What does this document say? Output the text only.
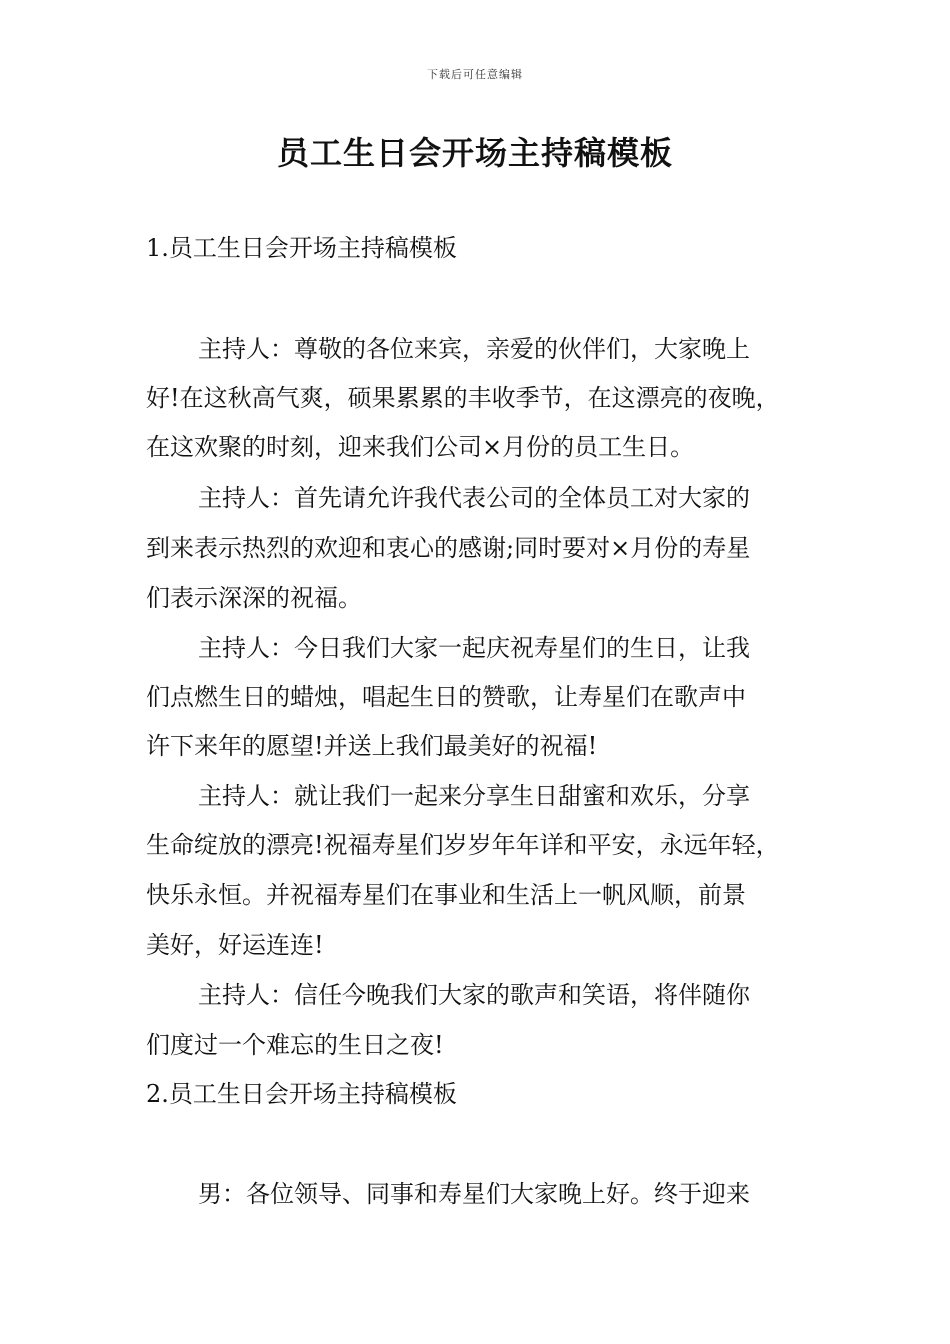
下载后可任意编辑
员工生日会开场主持稿模板
1.员工生日会开场主持稿模板
主持人：尊敬的各位来宾，亲爱的伙伴们，大家晚上
好!在这秋高气爽，硕果累累的丰收季节，在这漂亮的夜晚，
在这欢聚的时刻，迎来我们公司×月份的员工生日。
主持人：首先请允许我代表公司的全体员工对大家的
到来表示热烈的欢迎和衷心的感谢;同时要对×月份的寿星
们表示深深的祝福。
主持人：今日我们大家一起庆祝寿星们的生日，让我
们点燃生日的蜡烛，唱起生日的赞歌，让寿星们在歌声中
许下来年的愿望!并送上我们最美好的祝福!
主持人：就让我们一起来分享生日甜蜜和欢乐，分享
生命绽放的漂亮!祝福寿星们岁岁年年详和平安，永远年轻，
快乐永恒。并祝福寿星们在事业和生活上一帆风顺，前景
美好，好运连连!
主持人：信任今晚我们大家的歌声和笑语，将伴随你
们度过一个难忘的生日之夜!
2.员工生日会开场主持稿模板
男：各位领导、同事和寿星们大家晚上好。终于迎来
